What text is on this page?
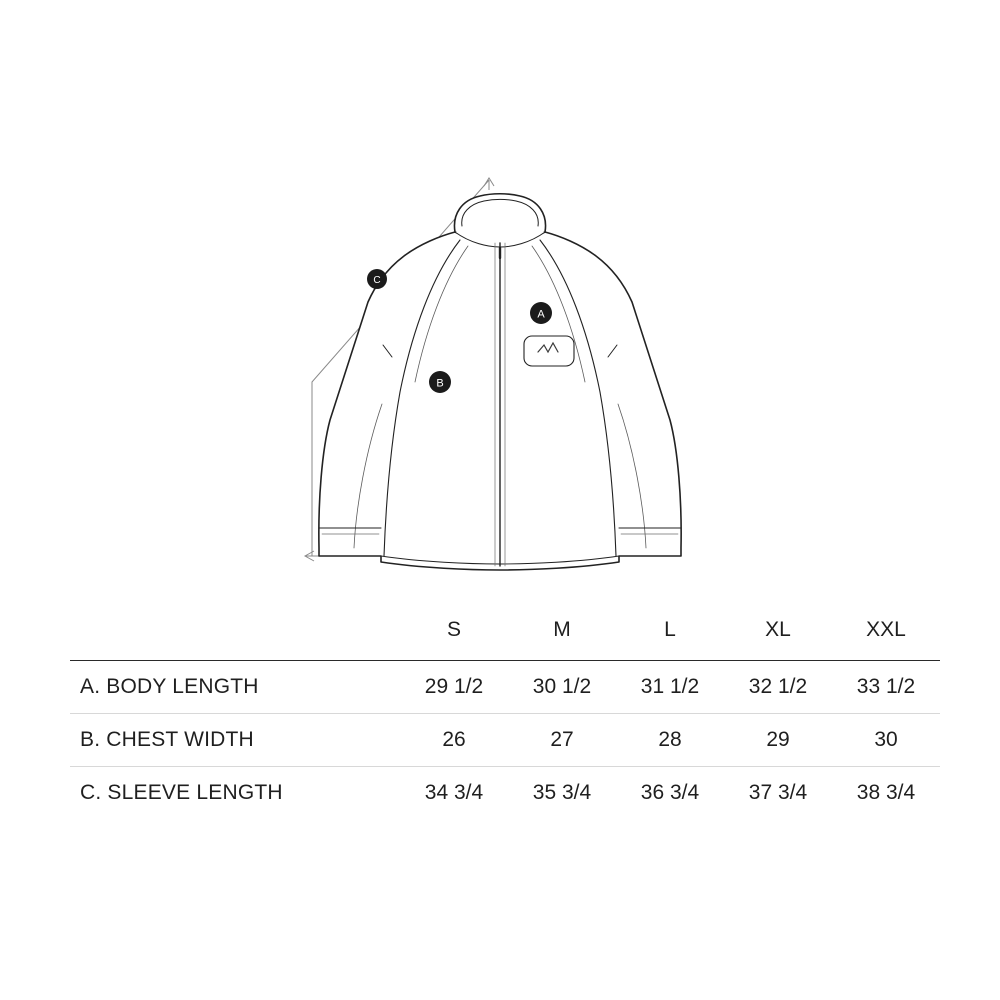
A
B
C
	S	M	L	XL	XXL
A. BODY LENGTH	29 1/2	30 1/2	31 1/2	32 1/2	33 1/2
B. CHEST WIDTH	26	27	28	29	30
C. SLEEVE LENGTH	34 3/4	35 3/4	36 3/4	37 3/4	38 3/4
